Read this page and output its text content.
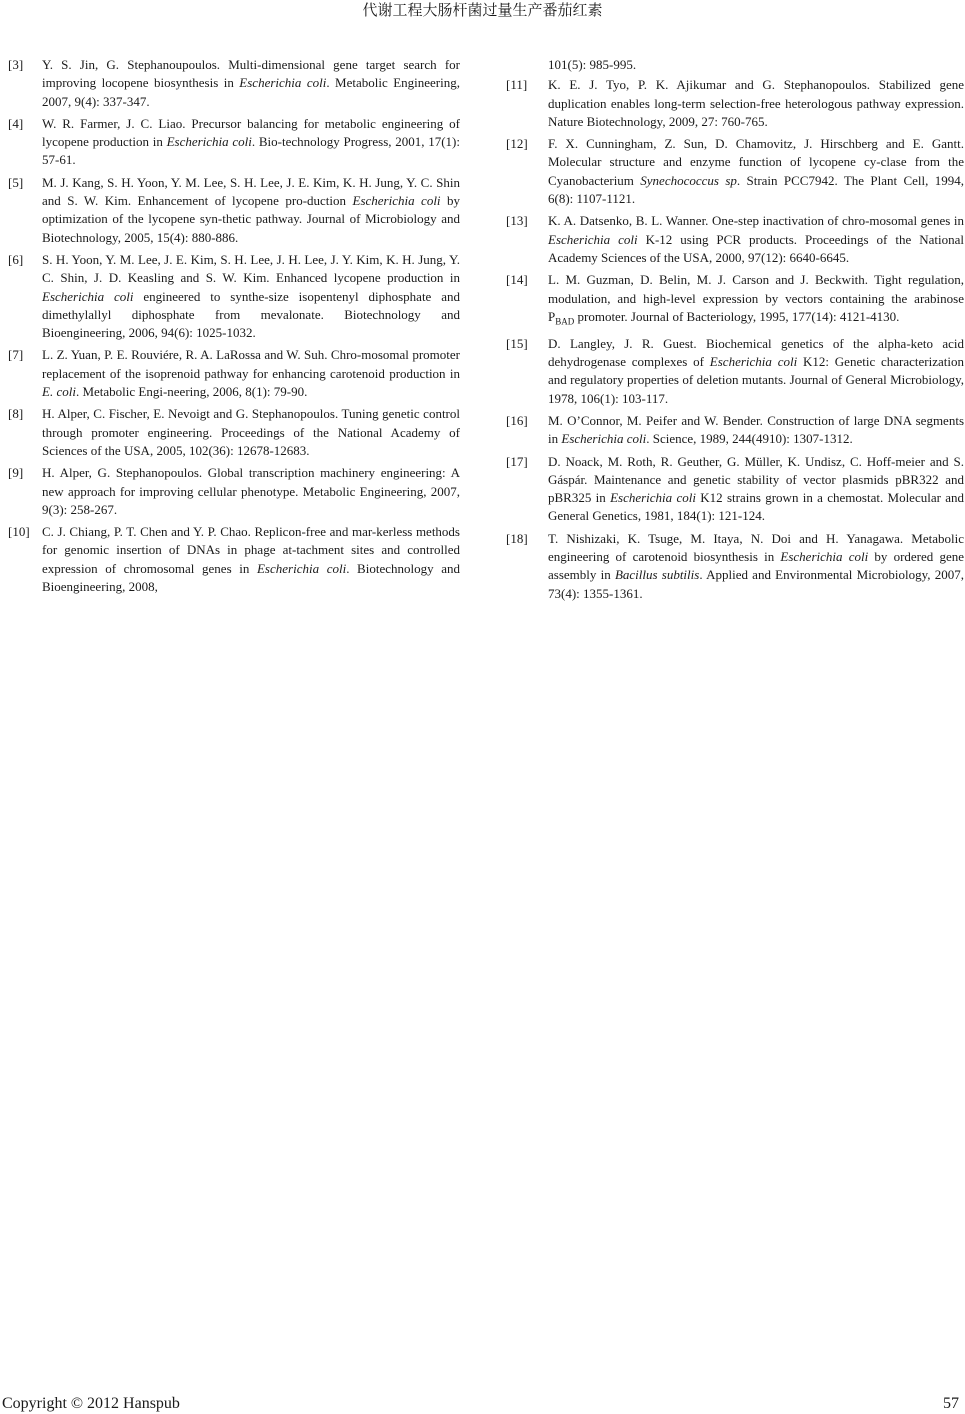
代谢工程大肠杆菌过量生产番茄红素
[3] Y. S. Jin, G. Stephanoupoulos. Multi-dimensional gene target search for improving locopene biosynthesis in Escherichia coli. Metabolic Engineering, 2007, 9(4): 337-347.
[4] W. R. Farmer, J. C. Liao. Precursor balancing for metabolic engineering of lycopene production in Escherichia coli. Bio-technology Progress, 2001, 17(1): 57-61.
[5] M. J. Kang, S. H. Yoon, Y. M. Lee, S. H. Lee, J. E. Kim, K. H. Jung, Y. C. Shin and S. W. Kim. Enhancement of lycopene pro-duction Escherichia coli by optimization of the lycopene syn-thetic pathway. Journal of Microbiology and Biotechnology, 2005, 15(4): 880-886.
[6] S. H. Yoon, Y. M. Lee, J. E. Kim, S. H. Lee, J. H. Lee, J. Y. Kim, K. H. Jung, Y. C. Shin, J. D. Keasling and S. W. Kim. Enhanced lycopene production in Escherichia coli engineered to synthe-size isopentenyl diphosphate and dimethylallyl diphosphate from mevalonate. Biotechnology and Bioengineering, 2006, 94(6): 1025-1032.
[7] L. Z. Yuan, P. E. Rouviére, R. A. LaRossa and W. Suh. Chro-mosomal promoter replacement of the isoprenoid pathway for enhancing carotenoid production in E. coli. Metabolic Engi-neering, 2006, 8(1): 79-90.
[8] H. Alper, C. Fischer, E. Nevoigt and G. Stephanopoulos. Tuning genetic control through promoter engineering. Proceedings of the National Academy of Sciences of the USA, 2005, 102(36): 12678-12683.
[9] H. Alper, G. Stephanopoulos. Global transcription machinery engineering: A new approach for improving cellular phenotype. Metabolic Engineering, 2007, 9(3): 258-267.
[10] C. J. Chiang, P. T. Chen and Y. P. Chao. Replicon-free and mar-kerless methods for genomic insertion of DNAs in phage at-tachment sites and controlled expression of chromosomal genes in Escherichia coli. Biotechnology and Bioengineering, 2008,
101(5): 985-995.
[11] K. E. J. Tyo, P. K. Ajikumar and G. Stephanopoulos. Stabilized gene duplication enables long-term selection-free heterologous pathway expression. Nature Biotechnology, 2009, 27: 760-765.
[12] F. X. Cunningham, Z. Sun, D. Chamovitz, J. Hirschberg and E. Gantt. Molecular structure and enzyme function of lycopene cy-clase from the Cyanobacterium Synechococcus sp. Strain PCC7942. The Plant Cell, 1994, 6(8): 1107-1121.
[13] K. A. Datsenko, B. L. Wanner. One-step inactivation of chro-mosomal genes in Escherichia coli K-12 using PCR products. Proceedings of the National Academy Sciences of the USA, 2000, 97(12): 6640-6645.
[14] L. M. Guzman, D. Belin, M. J. Carson and J. Beckwith. Tight regulation, modulation, and high-level expression by vectors containing the arabinose $P_{BAD}$ promoter. Journal of Bacteriology, 1995, 177(14): 4121-4130.
[15] D. Langley, J. R. Guest. Biochemical genetics of the alpha-keto acid dehydrogenase complexes of Escherichia coli K12: Genetic characterization and regulatory properties of deletion mutants. Journal of General Microbiology, 1978, 106(1): 103-117.
[16] M. O’Connor, M. Peifer and W. Bender. Construction of large DNA segments in Escherichia coli. Science, 1989, 244(4910): 1307-1312.
[17] D. Noack, M. Roth, R. Geuther, G. Müller, K. Undisz, C. Hoff-meier and S. Gáspár. Maintenance and genetic stability of vector plasmids pBR322 and pBR325 in Escherichia coli K12 strains grown in a chemostat. Molecular and General Genetics, 1981, 184(1): 121-124.
[18] T. Nishizaki, K. Tsuge, M. Itaya, N. Doi and H. Yanagawa. Metabolic engineering of carotenoid biosynthesis in Escherichia coli by ordered gene assembly in Bacillus subtilis. Applied and Environmental Microbiology, 2007, 73(4): 1355-1361.
Copyright © 2012 Hanspub	57
